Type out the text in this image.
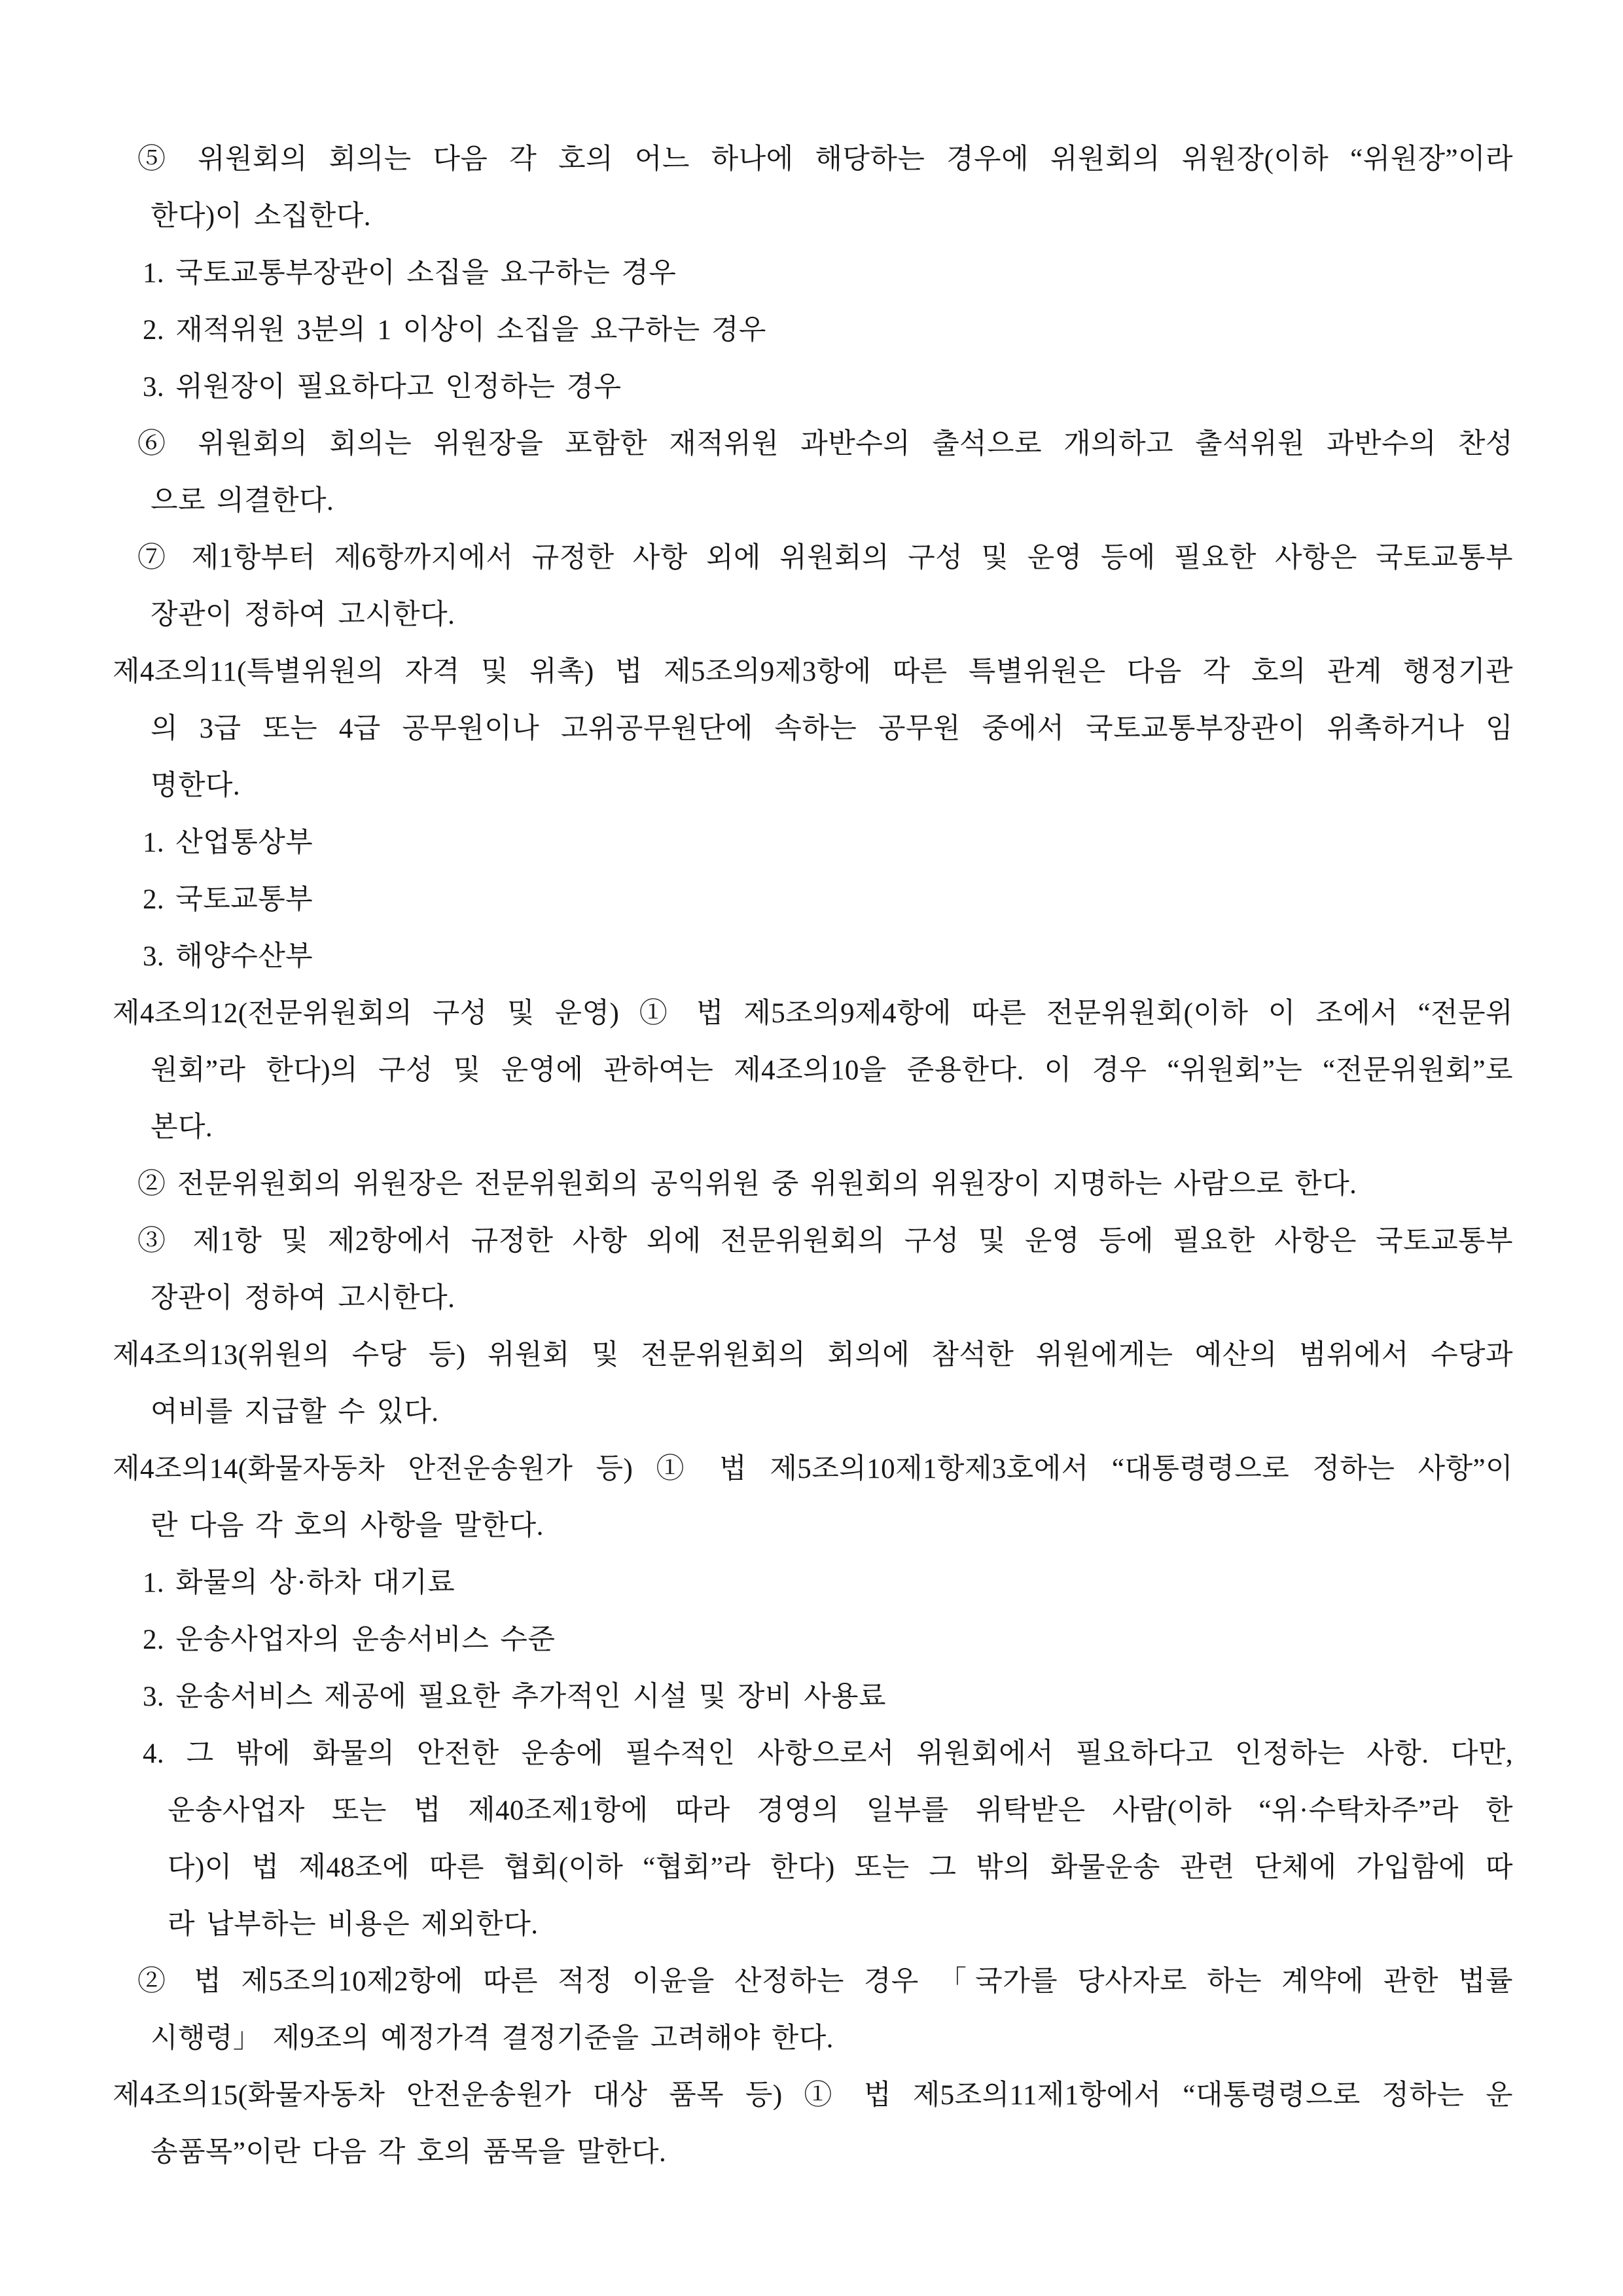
⑤ 위원회의 회의는 다음 각 호의 어느 하나에 해당하는 경우에 위원회의 위원장(이하 “위원장”이라
한다)이 소집한다.
1. 국토교통부장관이 소집을 요구하는 경우
2. 재적위원 3분의 1 이상이 소집을 요구하는 경우
3. 위원장이 필요하다고 인정하는 경우
⑥ 위원회의 회의는 위원장을 포함한 재적위원 과반수의 출석으로 개의하고 출석위원 과반수의 찬성
으로 의결한다.
⑦ 제1항부터 제6항까지에서 규정한 사항 외에 위원회의 구성 및 운영 등에 필요한 사항은 국토교통부
장관이 정하여 고시한다.
제4조의11(특별위원의 자격 및 위촉) 법 제5조의9제3항에 따른 특별위원은 다음 각 호의 관계 행정기관
의 3급 또는 4급 공무원이나 고위공무원단에 속하는 공무원 중에서 국토교통부장관이 위촉하거나 임
명한다.
1. 산업통상부
2. 국토교통부
3. 해양수산부
제4조의12(전문위원회의 구성 및 운영) ① 법 제5조의9제4항에 따른 전문위원회(이하 이 조에서 “전문위
원회”라 한다)의 구성 및 운영에 관하여는 제4조의10을 준용한다. 이 경우 “위원회”는 “전문위원회”로
본다.
② 전문위원회의 위원장은 전문위원회의 공익위원 중 위원회의 위원장이 지명하는 사람으로 한다.
③ 제1항 및 제2항에서 규정한 사항 외에 전문위원회의 구성 및 운영 등에 필요한 사항은 국토교통부
장관이 정하여 고시한다.
제4조의13(위원의 수당 등) 위원회 및 전문위원회의 회의에 참석한 위원에게는 예산의 범위에서 수당과
여비를 지급할 수 있다.
제4조의14(화물자동차 안전운송원가 등) ① 법 제5조의10제1항제3호에서 “대통령령으로 정하는 사항”이
란 다음 각 호의 사항을 말한다.
1. 화물의 상·하차 대기료
2. 운송사업자의 운송서비스 수준
3. 운송서비스 제공에 필요한 추가적인 시설 및 장비 사용료
4. 그 밖에 화물의 안전한 운송에 필수적인 사항으로서 위원회에서 필요하다고 인정하는 사항. 다만,
운송사업자 또는 법 제40조제1항에 따라 경영의 일부를 위탁받은 사람(이하 “위·수탁차주”라 한
다)이 법 제48조에 따른 협회(이하 “협회”라 한다) 또는 그 밖의 화물운송 관련 단체에 가입함에 따
라 납부하는 비용은 제외한다.
② 법 제5조의10제2항에 따른 적정 이윤을 산정하는 경우 「국가를 당사자로 하는 계약에 관한 법률
시행령」 제9조의 예정가격 결정기준을 고려해야 한다.
제4조의15(화물자동차 안전운송원가 대상 품목 등) ① 법 제5조의11제1항에서 “대통령령으로 정하는 운
송품목”이란 다음 각 호의 품목을 말한다.
